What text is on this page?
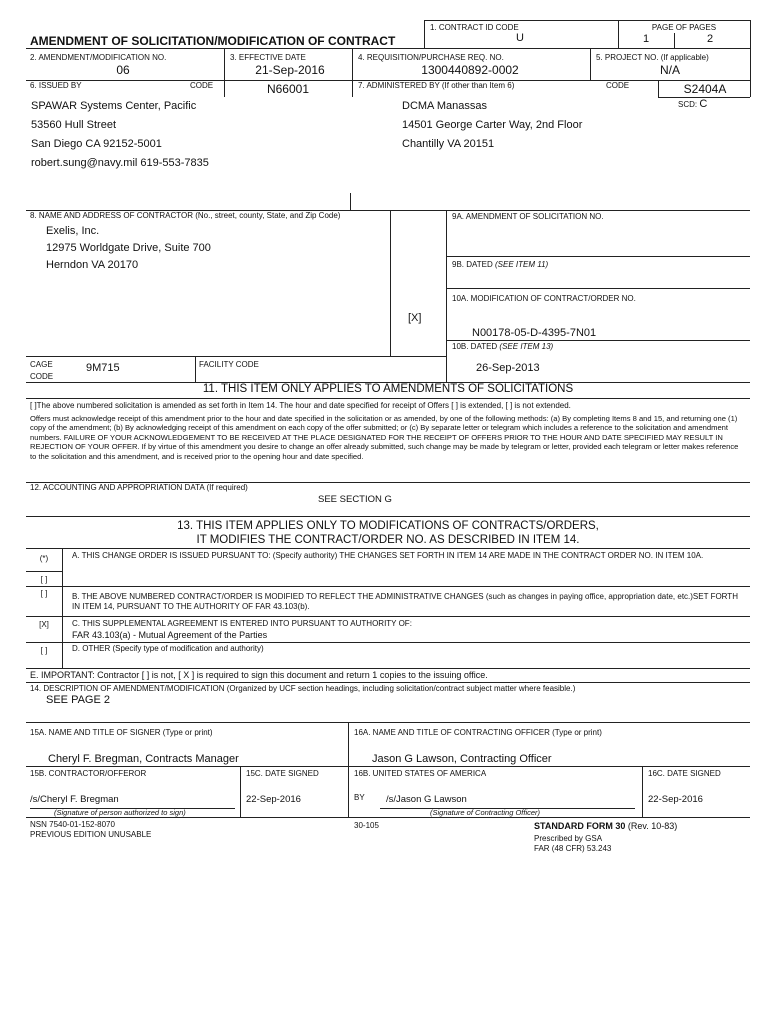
AMENDMENT OF SOLICITATION/MODIFICATION OF CONTRACT
1. CONTRACT ID CODE
U
PAGE OF PAGES
1	2
2. AMENDMENT/MODIFICATION NO.
06
3. EFFECTIVE DATE
21-Sep-2016
4. REQUISITION/PURCHASE REQ. NO.
1300440892-0002
5. PROJECT NO. (If applicable)
N/A
6. ISSUED BY	CODE	N66001	7. ADMINISTERED BY (If other than Item 6)	CODE	S2404A
SCD: C
SPAWAR Systems Center, Pacific
53560 Hull Street
San Diego CA 92152-5001
robert.sung@navy.mil 619-553-7835
DCMA Manassas
14501 George Carter Way, 2nd Floor
Chantilly VA 20151
8. NAME AND ADDRESS OF CONTRACTOR (No., street, county, State, and Zip Code)
Exelis, Inc.
12975 Worldgate Drive, Suite 700
Herndon VA 20170
CAGE
CODE
9M715	FACILITY CODE
9A. AMENDMENT OF SOLICITATION NO.
9B. DATED (SEE ITEM 11)
10A. MODIFICATION OF CONTRACT/ORDER NO.
[X]
N00178-05-D-4395-7N01
10B. DATED (SEE ITEM 13)
26-Sep-2013
11. THIS ITEM ONLY APPLIES TO AMENDMENTS OF SOLICITATIONS
[ ]The above numbered solicitation is amended as set forth in Item 14. The hour and date specified for receipt of Offers [ ] is extended, [ ] is not extended.
Offers must acknowledge receipt of this amendment prior to the hour and date specified in the solicitation or as amended, by one of the following methods: (a) By completing Items 8 and 15, and returning one (1) copy of the amendment; (b) By acknowledging receipt of this amendment on each copy of the offer submitted; or (c) By separate letter or telegram which includes a reference to the solicitation and amendment numbers. FAILURE OF YOUR ACKNOWLEDGEMENT TO BE RECEIVED AT THE PLACE DESIGNATED FOR THE RECEIPT OF OFFERS PRIOR TO THE HOUR AND DATE SPECIFIED MAY RESULT IN REJECTION OF YOUR OFFER. If by virtue of this amendment you desire to change an offer already submitted, such change may be made by telegram or letter, provided each telegram or letter makes reference to the solicitation and this amendment, and is received prior to the opening hour and date specified.
12. ACCOUNTING AND APPROPRIATION DATA (If required)
SEE SECTION G
13. THIS ITEM APPLIES ONLY TO MODIFICATIONS OF CONTRACTS/ORDERS,
IT MODIFIES THE CONTRACT/ORDER NO. AS DESCRIBED IN ITEM 14.
(*)	A. THIS CHANGE ORDER IS ISSUED PURSUANT TO: (Specify authority) THE CHANGES SET FORTH IN ITEM 14 ARE MADE IN THE CONTRACT ORDER NO. IN ITEM 10A.
[ ]
[ ]	B. THE ABOVE NUMBERED CONTRACT/ORDER IS MODIFIED TO REFLECT THE ADMINISTRATIVE CHANGES (such as changes in paying office, appropriation date, etc.)SET FORTH IN ITEM 14, PURSUANT TO THE AUTHORITY OF FAR 43.103(b).
[X]	C. THIS SUPPLEMENTAL AGREEMENT IS ENTERED INTO PURSUANT TO AUTHORITY OF:
FAR 43.103(a) - Mutual Agreement of the Parties
[ ]	D. OTHER (Specify type of modification and authority)
E. IMPORTANT: Contractor [ ] is not, [ X ] is required to sign this document and return 1 copies to the issuing office.
14. DESCRIPTION OF AMENDMENT/MODIFICATION (Organized by UCF section headings, including solicitation/contract subject matter where feasible.)
SEE PAGE 2
15A. NAME AND TITLE OF SIGNER (Type or print)
Cheryl F. Bregman, Contracts Manager
16A. NAME AND TITLE OF CONTRACTING OFFICER (Type or print)
Jason G Lawson, Contracting Officer
15B. CONTRACTOR/OFFEROR	15C. DATE SIGNED	16B. UNITED STATES OF AMERICA	16C. DATE SIGNED
/s/Cheryl F. Bregman	22-Sep-2016	BY /s/Jason G Lawson	22-Sep-2016
(Signature of person authorized to sign)	(Signature of Contracting Officer)
NSN 7540-01-152-8070
PREVIOUS EDITION UNUSABLE
30-105	STANDARD FORM 30 (Rev. 10-83)
Prescribed by GSA
FAR (48 CFR) 53.243
